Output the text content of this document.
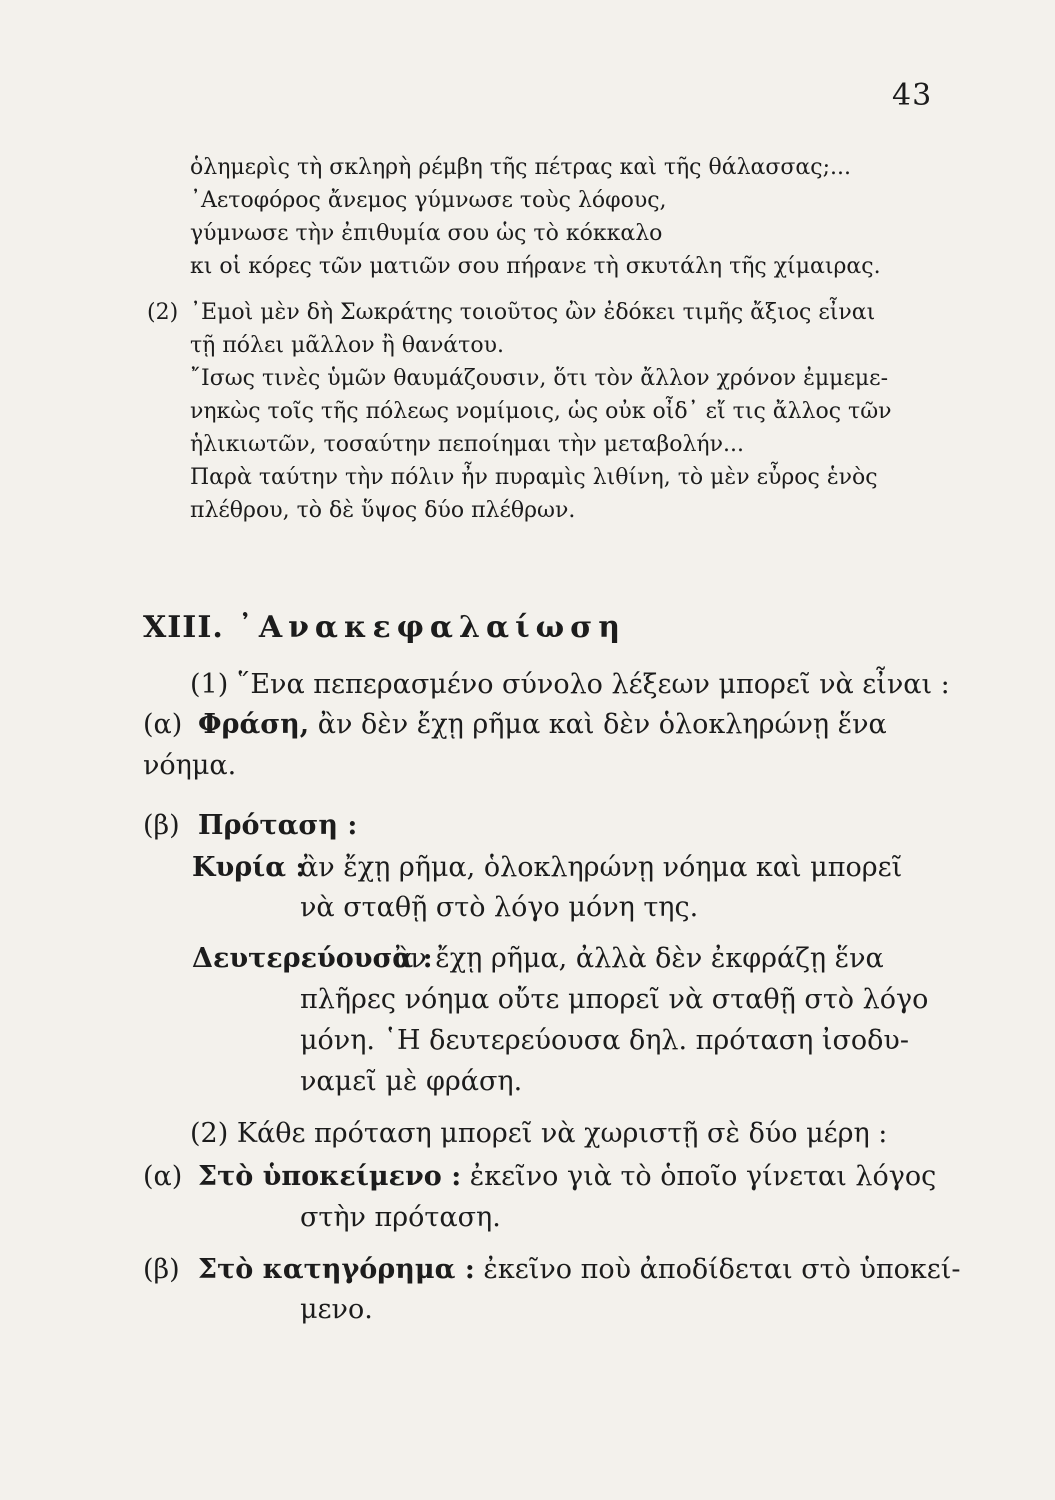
43
ὁλημερὶς τὴ σκληρὴ ρέμβη τῆς πέτρας καὶ τῆς θάλασσας;...
᾿Αετοφόρος ἄνεμος γύμνωσε τοὺς λόφους,
γύμνωσε τὴν ἐπιθυμία σου ὡς τὸ κόκκαλο
κι οἱ κόρες τῶν ματιῶν σου πήρανε τὴ σκυτάλη τῆς χίμαιρας.
(2) ᾿Εμοὶ μὲν δὴ Σωκράτης τοιοῦτος ὢν ἐδόκει τιμῆς ἄξιος εἶναι
τῇ πόλει μᾶλλον ἢ θανάτου.
῎Ισως τινὲς ὑμῶν θαυμάζουσιν, ὅτι τὸν ἄλλον χρόνον ἐμμεμε-
νηκὼς τοῖς τῆς πόλεως νομίμοις, ὡς οὐκ οἶδ᾿ εἴ τις ἄλλος τῶν
ἡλικιωτῶν, τοσαύτην πεποίημαι τὴν μεταβολήν...
Παρὰ ταύτην τὴν πόλιν ἦν πυραμὶς λιθίνη, τὸ μὲν εὖρος ἑνὸς
πλέθρου, τὸ δὲ ὕψος δύο πλέθρων.
XIII. ᾿Ανακεφαλαίωση
(1) ῞Ενα πεπερασμένο σύνολο λέξεων μπορεῖ νὰ εἶναι :
(α) Φράση, ἂν δὲν ἔχῃ ρῆμα καὶ δὲν ὁλοκληρώνῃ ἕνα
νόημα.
(β) Πρόταση :
Κυρία :
ἂν ἔχῃ ρῆμα, ὁλοκληρώνῃ νόημα καὶ μπορεῖ
νὰ σταθῇ στὸ λόγο μόνη της.
Δευτερεύουσα :
ἂν ἔχῃ ρῆμα, ἀλλὰ δὲν ἐκφράζῃ ἕνα
πλῆρες νόημα οὔτε μπορεῖ νὰ σταθῇ στὸ λόγο
μόνη. ῾Η δευτερεύουσα δηλ. πρόταση ἰσοδυ-
ναμεῖ μὲ φράση.
(2) Κάθε πρόταση μπορεῖ νὰ χωριστῇ σὲ δύο μέρη :
(α) Στὸ ὑποκείμενο : ἐκεῖνο γιὰ τὸ ὁποῖο γίνεται λόγος
στὴν πρόταση.
(β) Στὸ κατηγόρημα : ἐκεῖνο ποὺ ἀποδίδεται στὸ ὑποκεί-
μενο.
